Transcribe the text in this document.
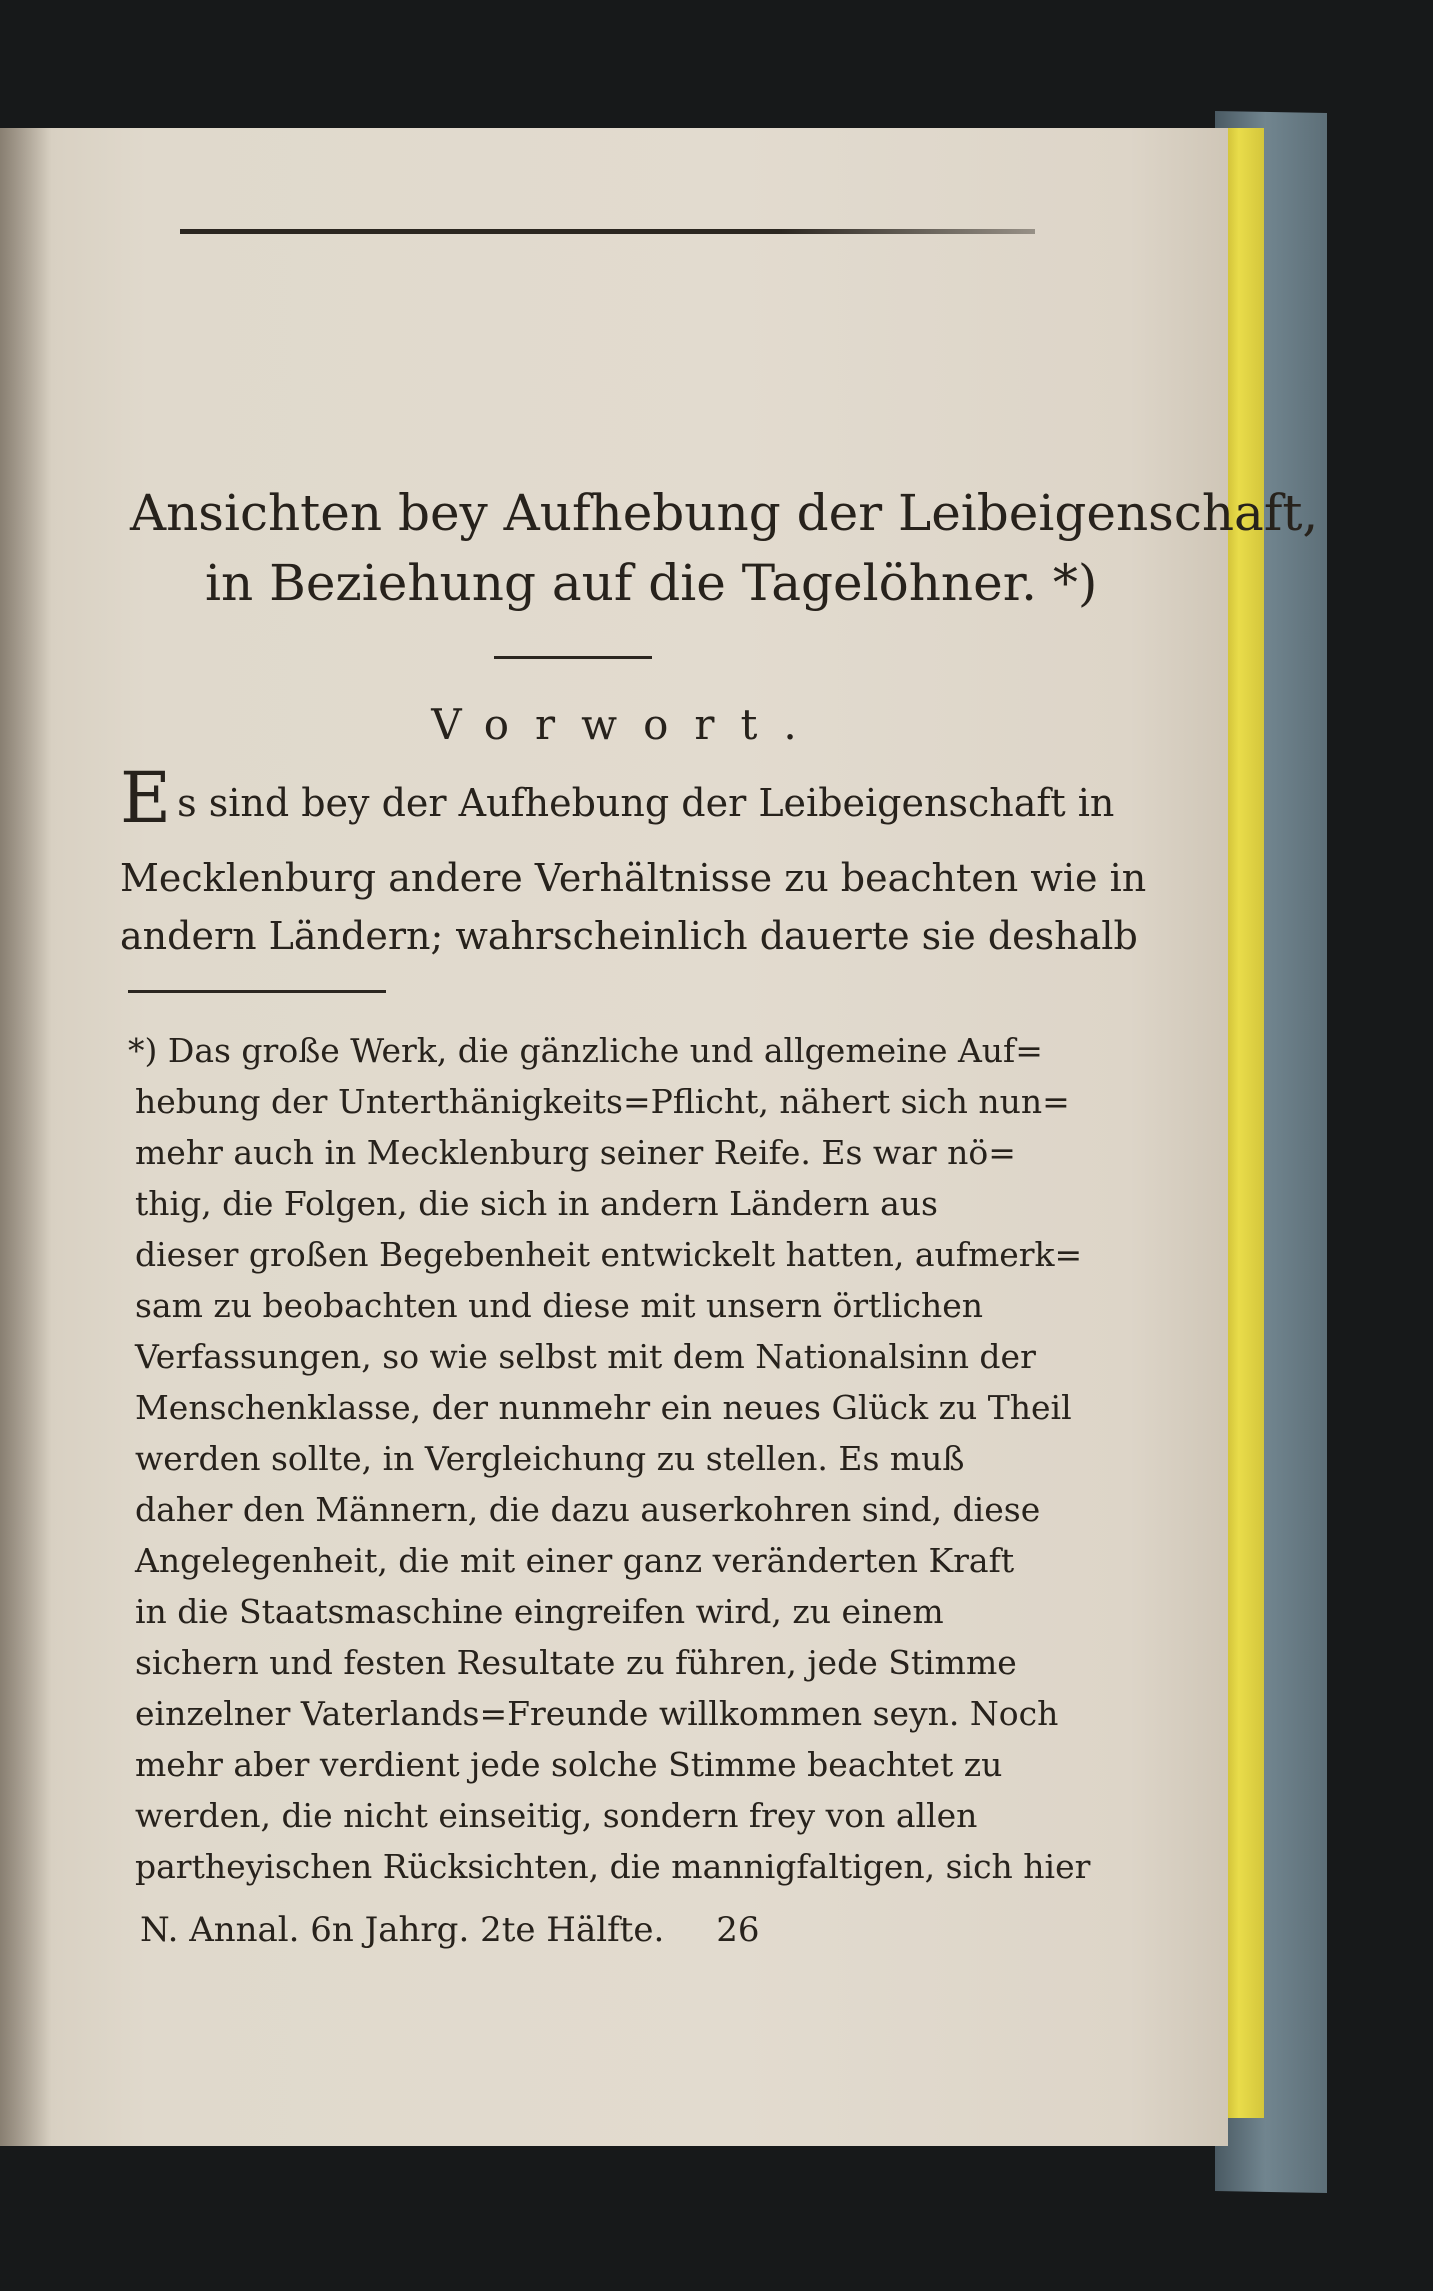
Ansichten bey Aufhebung der Leibeigenschaft,

in Beziehung auf die Tagelöhner. *)

Vorwort.

Es sind bey der Aufhebung der Leibeigenschaft in

Mecklenburg andere Verhältnisse zu beachten wie in

andern Ländern; wahrscheinlich dauerte sie deshalb

*) Das große Werk, die gänzliche und allgemeine Auf=

hebung der Unterthänigkeits=Pflicht, nähert sich nun=

mehr auch in Mecklenburg seiner Reife. Es war nö=

thig, die Folgen, die sich in andern Ländern aus

dieser großen Begebenheit entwickelt hatten, aufmerk=

sam zu beobachten und diese mit unsern örtlichen

Verfassungen, so wie selbst mit dem Nationalsinn der

Menschenklasse, der nunmehr ein neues Glück zu Theil

werden sollte, in Vergleichung zu stellen. Es muß

daher den Männern, die dazu auserkohren sind, diese

Angelegenheit, die mit einer ganz veränderten Kraft

in die Staatsmaschine eingreifen wird, zu einem

sichern und festen Resultate zu führen, jede Stimme

einzelner Vaterlands=Freunde willkommen seyn. Noch

mehr aber verdient jede solche Stimme beachtet zu

werden, die nicht einseitig, sondern frey von allen

partheyischen Rücksichten, die mannigfaltigen, sich hier

N. Annal. 6n Jahrg. 2te Hälfte. 26
